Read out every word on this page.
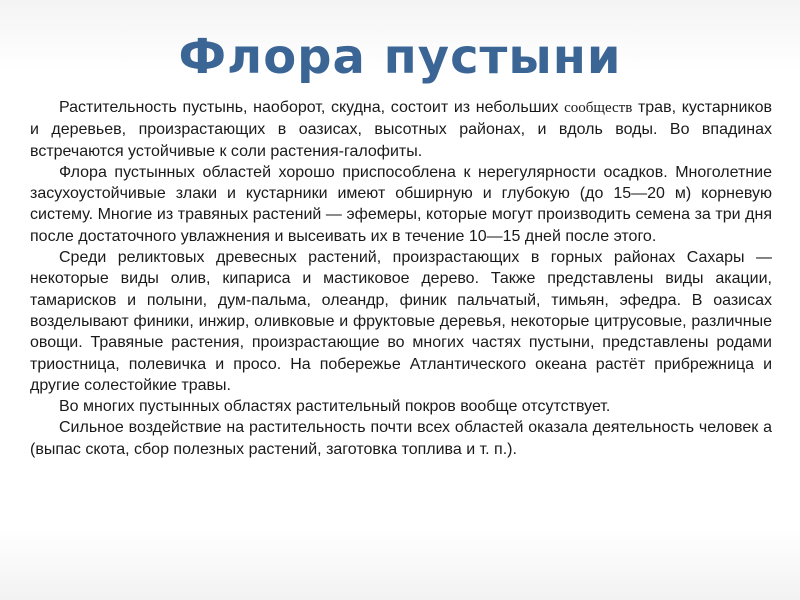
Флора пустыни

Растительность пустынь, наоборот, скудна, состоит из небольших сообществ трав, кустарников и деревьев, произрастающих в оазисах, высотных районах, и вдоль воды. Во впадинах встречаются устойчивые к соли растения-галофиты.

Флора пустынных областей хорошо приспособлена к нерегулярности осадков. Многолетние засухоустойчивые злаки и кустарники имеют обширную и глубокую (до 15—20 м) корневую систему. Многие из травяных растений — эфемеры, которые могут производить семена за три дня после достаточного увлажнения и высеивать их в течение 10—15 дней после этого.

Среди реликтовых древесных растений, произрастающих в горных районах Сахары — некоторые виды олив, кипариса и мастиковое дерево. Также представлены виды акации, тамарисков и полыни, дум-пальма, олеандр, финик пальчатый, тимьян, эфедра. В оазисах возделывают финики, инжир, оливковые и фруктовые деревья, некоторые цитрусовые, различные овощи. Травяные растения, произрастающие во многих частях пустыни, представлены родами триостница, полевичка и просо. На побережье Атлантического океана растёт прибрежница и другие солестойкие травы.

Во многих пустынных областях растительный покров вообще отсутствует.

Сильное воздействие на растительность почти всех областей оказала деятельность человек а (выпас скота, сбор полезных растений, заготовка топлива и т. п.).
